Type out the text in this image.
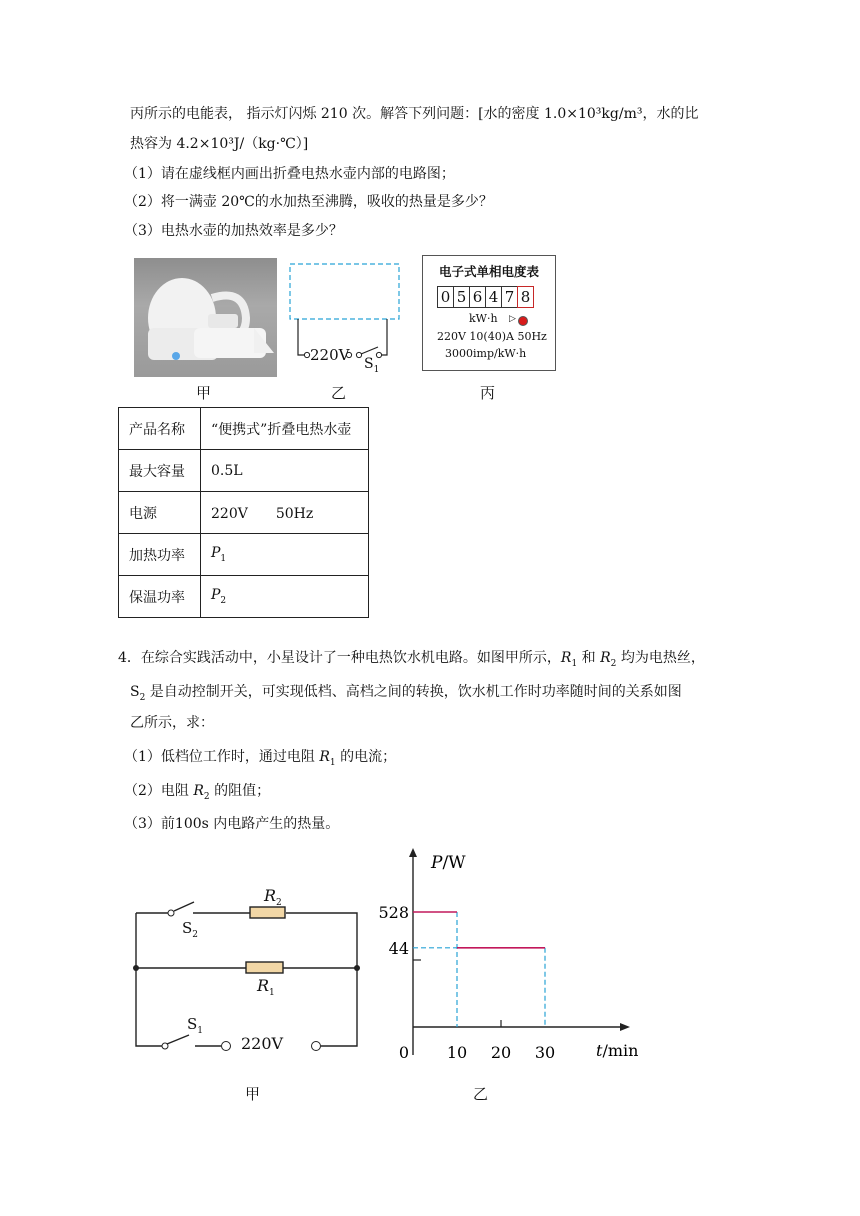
丙所示的电能表， 指示灯闪烁 210 次。解答下列问题：[水的密度 1.0×10³kg/m³，水的比
热容为 4.2×10³J/（kg·℃）]
（1）请在虚线框内画出折叠电热水壶内部的电路图；
（2）将一满壶 20℃的水加热至沸腾，吸收的热量是多少？
（3）电热水壶的加热效率是多少？
甲
220V $S_1$
乙
电子式单相电度表
0 5 6 4 7 8
kW·h ▷
220V 10(40)A 50Hz
3000imp/kW·h
丙
产品名称	“便携式”折叠电热水壶
最大容量	0.5L
电源	220V　　50Hz
加热功率	$P_1$
保温功率	$P_2$
4．在综合实践活动中，小星设计了一种电热饮水机电路。如图甲所示，$R_1$ 和 $R_2$ 均为电热丝，
$S_2$ 是自动控制开关，可实现低档、高档之间的转换，饮水机工作时功率随时间的关系如图
乙所示，求：
（1）低档位工作时，通过电阻 $R_1$ 的电流；
（2）电阻 $R_2$ 的阻值；
（3）前100s 内电路产生的热量。
$R_2$
$R_1$
$S_2$
$S_1$
220V
甲
44
528
10 20 30
P/W
t/min
0
乙
